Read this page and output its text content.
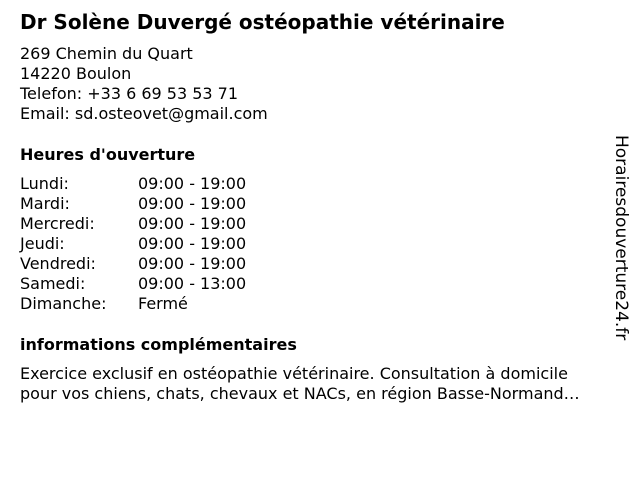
Dr Solène Duvergé ostéopathie vétérinaire
269 Chemin du Quart
14220 Boulon
Telefon: +33 6 69 53 53 71
Email: sd.osteovet@gmail.com
Heures d'ouverture
Lundi:	09:00 - 19:00
Mardi:	09:00 - 19:00
Mercredi:	09:00 - 19:00
Jeudi:	09:00 - 19:00
Vendredi:	09:00 - 19:00
Samedi:	09:00 - 13:00
Dimanche:	Fermé
informations complémentaires
Exercice exclusif en ostéopathie vétérinaire. Consultation à domicile
pour vos chiens, chats, chevaux et NACs, en région Basse-Normand…
Horairesdouverture24.fr
